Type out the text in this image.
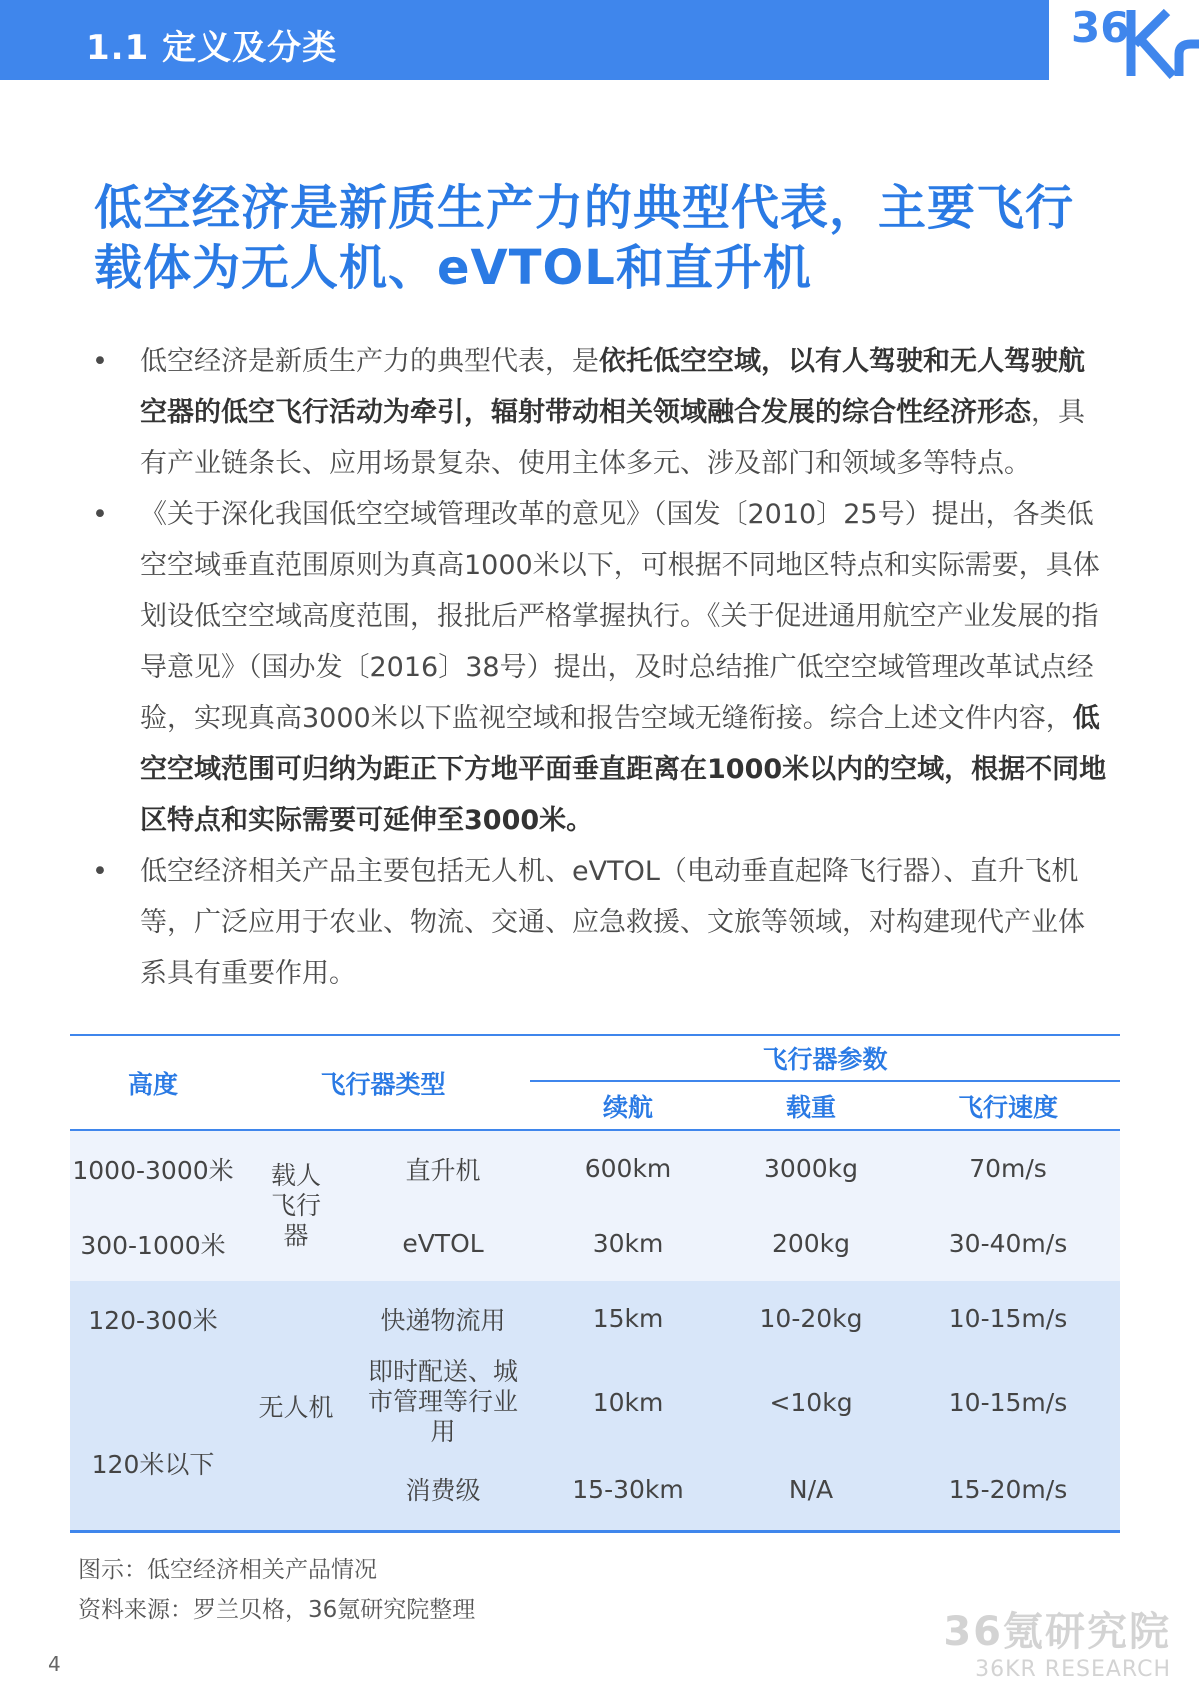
1.1 定义及分类	36
低空经济是新质生产力的典型代表，主要飞行
载体为无人机、eVTOL和直升机
• 低空经济是新质生产力的典型代表，是依托低空空域，以有人驾驶和无人驾驶航空器的低空飞行活动为牵引，辐射带动相关领域融合发展的综合性经济形态，具有产业链条长、应用场景复杂、使用主体多元、涉及部门和领域多等特点。
• 《关于深化我国低空空域管理改革的意见》（国发〔2010〕25号）提出，各类低空空域垂直范围原则为真高1000米以下，可根据不同地区特点和实际需要，具体划设低空空域高度范围，报批后严格掌握执行。《关于促进通用航空产业发展的指导意见》（国办发〔2016〕38号）提出，及时总结推广低空空域管理改革试点经验，实现真高3000米以下监视空域和报告空域无缝衔接。综合上述文件内容，低空空域范围可归纳为距正下方地平面垂直距离在1000米以内的空域，根据不同地区特点和实际需要可延伸至3000米。
• 低空经济相关产品主要包括无人机、eVTOL（电动垂直起降飞行器）、直升飞机等，广泛应用于农业、物流、交通、应急救援、文旅等领域，对构建现代产业体系具有重要作用。
高度	飞行器类型		飞行器参数		
			续航	载重	飞行速度
1000-3000米	载人飞行器	直升机	600km	3000kg	70m/s
300-1000米		eVTOL	30km	200kg	30-40m/s
120-300米	无人机	快递物流用	15km	10-20kg	10-15m/s
120米以下		即时配送、城市管理等行业用	10km	<10kg	10-15m/s
		消费级	15-30km	N/A	15-20m/s
图示：低空经济相关产品情况
资料来源：罗兰贝格，36氪研究院整理
4
36氪研究院
36KR RESEARCH
